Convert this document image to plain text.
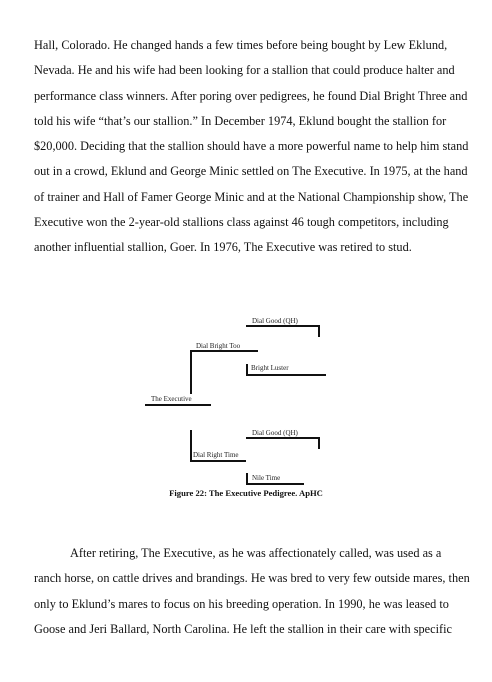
Hall, Colorado. He changed hands a few times before being bought by Lew Eklund,
Nevada. He and his wife had been looking for a stallion that could produce halter and
performance class winners. After poring over pedigrees, he found Dial Bright Three and
told his wife “that’s our stallion.” In December 1974, Eklund bought the stallion for
$20,000. Deciding that the stallion should have a more powerful name to help him stand
out in a crowd, Eklund and George Minic settled on The Executive. In 1975, at the hand
of trainer and Hall of Famer George Minic and at the National Championship show, The
Executive won the 2-year-old stallions class against 46 tough competitors, including
another influential stallion, Goer. In 1976, The Executive was retired to stud.
Dial Good (QH)
Dial Bright Too
Bright Luster
The Executive
Dial Good (QH)
Dial Right Time
Nile Time
Figure 22: The Executive Pedigree. ApHC
After retiring, The Executive, as he was affectionately called, was used as a
ranch horse, on cattle drives and brandings. He was bred to very few outside mares, then
only to Eklund’s mares to focus on his breeding operation. In 1990, he was leased to
Goose and Jeri Ballard, North Carolina. He left the stallion in their care with specific
